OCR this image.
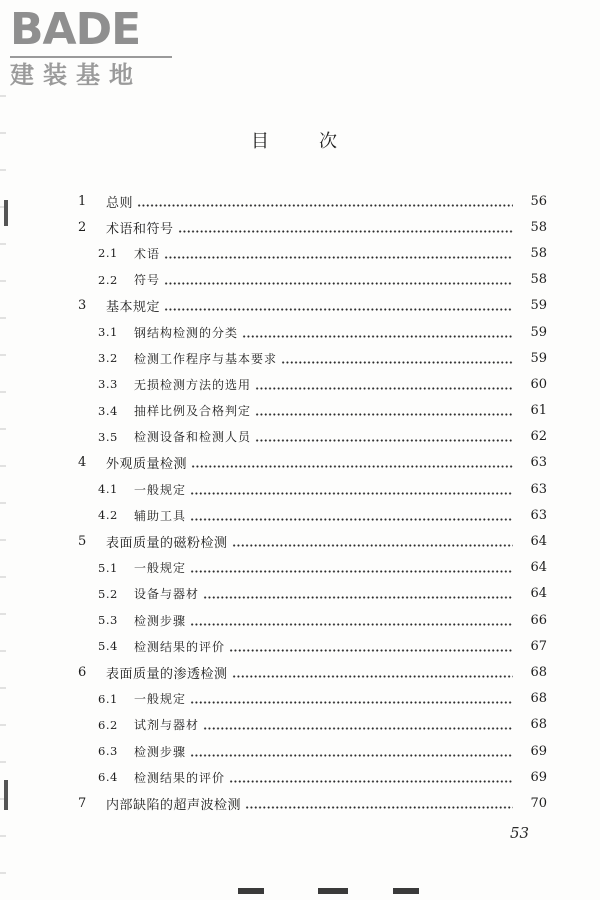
BADE
建装基地
目次
1	总则	56
2	术语和符号	58
2.1	术语	58
2.2	符号	58
3	基本规定	59
3.1	钢结构检测的分类	59
3.2	检测工作程序与基本要求	59
3.3	无损检测方法的选用	60
3.4	抽样比例及合格判定	61
3.5	检测设备和检测人员	62
4	外观质量检测	63
4.1	一般规定	63
4.2	辅助工具	63
5	表面质量的磁粉检测	64
5.1	一般规定	64
5.2	设备与器材	64
5.3	检测步骤	66
5.4	检测结果的评价	67
6	表面质量的渗透检测	68
6.1	一般规定	68
6.2	试剂与器材	68
6.3	检测步骤	69
6.4	检测结果的评价	69
7	内部缺陷的超声波检测	70
53
